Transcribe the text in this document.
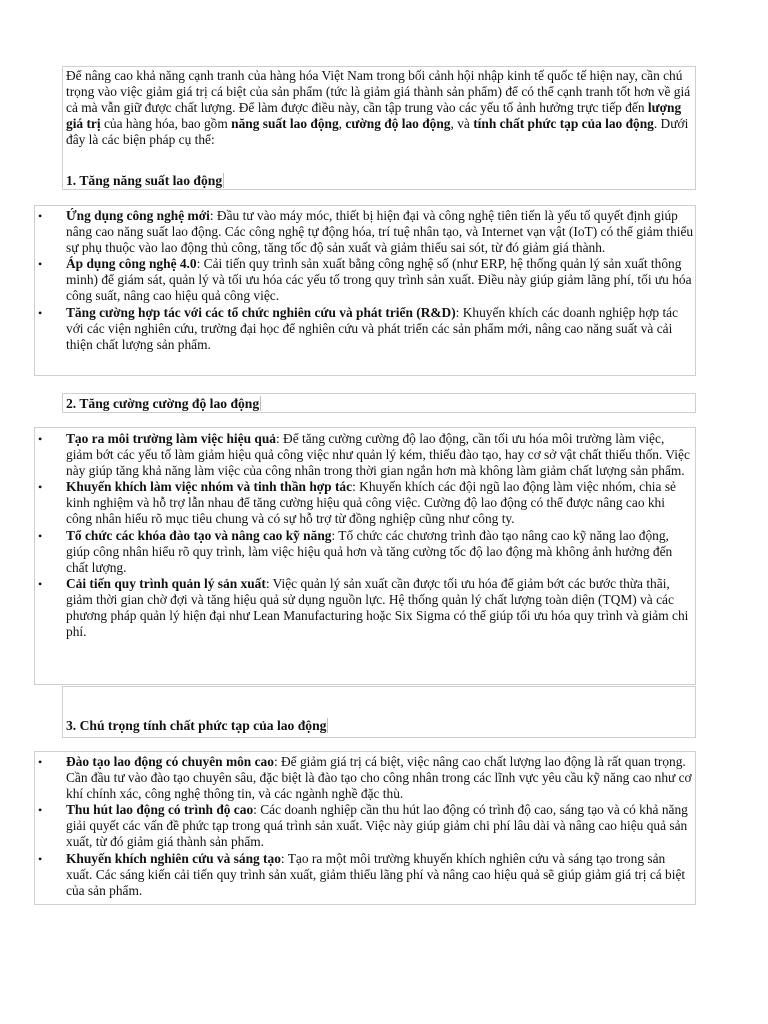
Để nâng cao khả năng cạnh tranh của hàng hóa Việt Nam trong bối cảnh hội nhập kinh tế quốc tế hiện nay, cần chú trọng vào việc giảm giá trị cá biệt của sản phẩm (tức là giảm giá thành sản phẩm) để có thể cạnh tranh tốt hơn về giá cả mà vẫn giữ được chất lượng. Để làm được điều này, cần tập trung vào các yếu tố ảnh hưởng trực tiếp đến lượng giá trị của hàng hóa, bao gồm năng suất lao động, cường độ lao động, và tính chất phức tạp của lao động. Dưới đây là các biện pháp cụ thể:
1. Tăng năng suất lao động
• Ứng dụng công nghệ mới: Đầu tư vào máy móc, thiết bị hiện đại và công nghệ tiên tiến là yếu tố quyết định giúp nâng cao năng suất lao động. Các công nghệ tự động hóa, trí tuệ nhân tạo, và Internet vạn vật (IoT) có thể giảm thiểu sự phụ thuộc vào lao động thủ công, tăng tốc độ sản xuất và giảm thiểu sai sót, từ đó giảm giá thành.
• Áp dụng công nghệ 4.0: Cải tiến quy trình sản xuất bằng công nghệ số (như ERP, hệ thống quản lý sản xuất thông minh) để giám sát, quản lý và tối ưu hóa các yếu tố trong quy trình sản xuất. Điều này giúp giảm lãng phí, tối ưu hóa công suất, nâng cao hiệu quả công việc.
• Tăng cường hợp tác với các tổ chức nghiên cứu và phát triển (R&D): Khuyến khích các doanh nghiệp hợp tác với các viện nghiên cứu, trường đại học để nghiên cứu và phát triển các sản phẩm mới, nâng cao năng suất và cải thiện chất lượng sản phẩm.
2. Tăng cường cường độ lao động
• Tạo ra môi trường làm việc hiệu quả: Để tăng cường cường độ lao động, cần tối ưu hóa môi trường làm việc, giảm bớt các yếu tố làm giảm hiệu quả công việc như quản lý kém, thiếu đào tạo, hay cơ sở vật chất thiếu thốn. Việc này giúp tăng khả năng làm việc của công nhân trong thời gian ngắn hơn mà không làm giảm chất lượng sản phẩm.
• Khuyến khích làm việc nhóm và tinh thần hợp tác: Khuyến khích các đội ngũ lao động làm việc nhóm, chia sẻ kinh nghiệm và hỗ trợ lẫn nhau để tăng cường hiệu quả công việc. Cường độ lao động có thể được nâng cao khi công nhân hiểu rõ mục tiêu chung và có sự hỗ trợ từ đồng nghiệp cũng như công ty.
• Tổ chức các khóa đào tạo và nâng cao kỹ năng: Tổ chức các chương trình đào tạo nâng cao kỹ năng lao động, giúp công nhân hiểu rõ quy trình, làm việc hiệu quả hơn và tăng cường tốc độ lao động mà không ảnh hưởng đến chất lượng.
• Cải tiến quy trình quản lý sản xuất: Việc quản lý sản xuất cần được tối ưu hóa để giảm bớt các bước thừa thãi, giảm thời gian chờ đợi và tăng hiệu quả sử dụng nguồn lực. Hệ thống quản lý chất lượng toàn diện (TQM) và các phương pháp quản lý hiện đại như Lean Manufacturing hoặc Six Sigma có thể giúp tối ưu hóa quy trình và giảm chi phí.
3. Chú trọng tính chất phức tạp của lao động
• Đào tạo lao động có chuyên môn cao: Để giảm giá trị cá biệt, việc nâng cao chất lượng lao động là rất quan trọng. Cần đầu tư vào đào tạo chuyên sâu, đặc biệt là đào tạo cho công nhân trong các lĩnh vực yêu cầu kỹ năng cao như cơ khí chính xác, công nghệ thông tin, và các ngành nghề đặc thù.
• Thu hút lao động có trình độ cao: Các doanh nghiệp cần thu hút lao động có trình độ cao, sáng tạo và có khả năng giải quyết các vấn đề phức tạp trong quá trình sản xuất. Việc này giúp giảm chi phí lâu dài và nâng cao hiệu quả sản xuất, từ đó giảm giá thành sản phẩm.
• Khuyến khích nghiên cứu và sáng tạo: Tạo ra một môi trường khuyến khích nghiên cứu và sáng tạo trong sản xuất. Các sáng kiến cải tiến quy trình sản xuất, giảm thiểu lãng phí và nâng cao hiệu quả sẽ giúp giảm giá trị cá biệt của sản phẩm.
